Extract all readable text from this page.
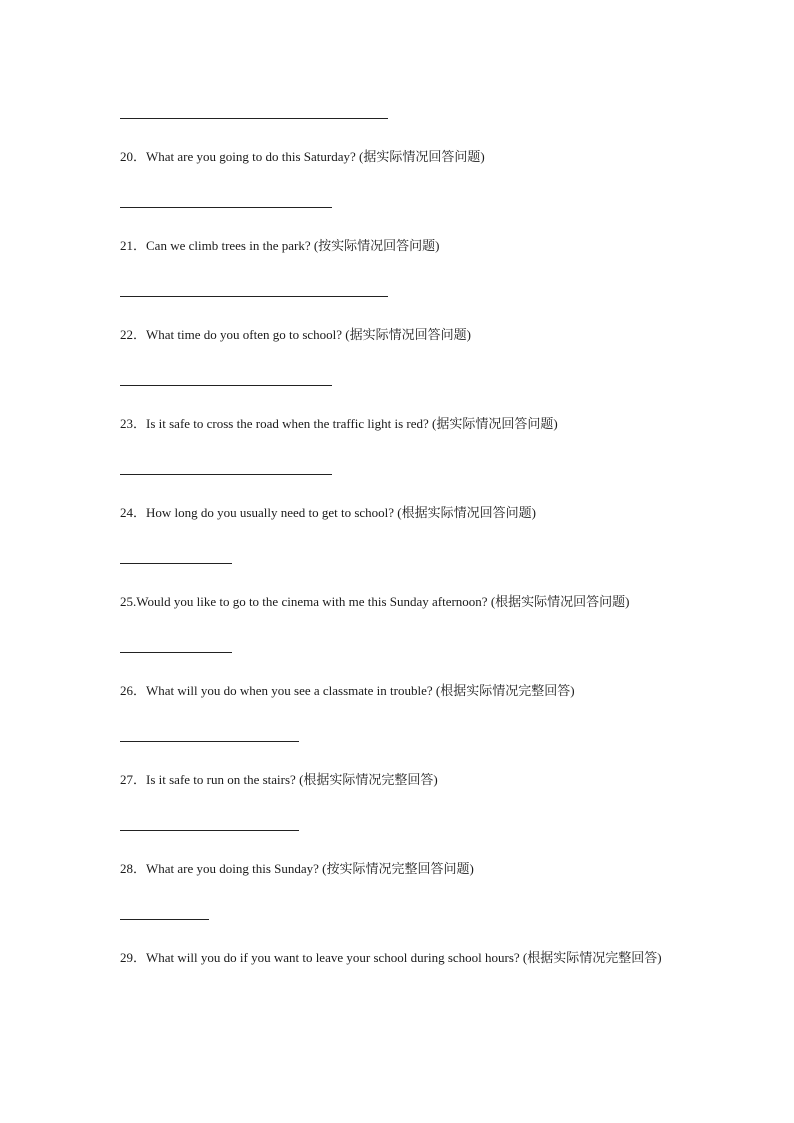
20．What are you going to do this Saturday? (据实际情况回答问题)

21．Can we climb trees in the park? (按实际情况回答问题)

22．What time do you often go to school? (据实际情况回答问题)

23．Is it safe to cross the road when the traffic light is red? (据实际情况回答问题)

24．How long do you usually need to get to school? (根据实际情况回答问题)

25.Would you like to go to the cinema with me this Sunday afternoon? (根据实际情况回答问题)

26．What will you do when you see a classmate in trouble? (根据实际情况完整回答)

27．Is it safe to run on the stairs? (根据实际情况完整回答)

28．What are you doing this Sunday? (按实际情况完整回答问题)

29．What will you do if you want to leave your school during school hours? (根据实际情况完整回答)
